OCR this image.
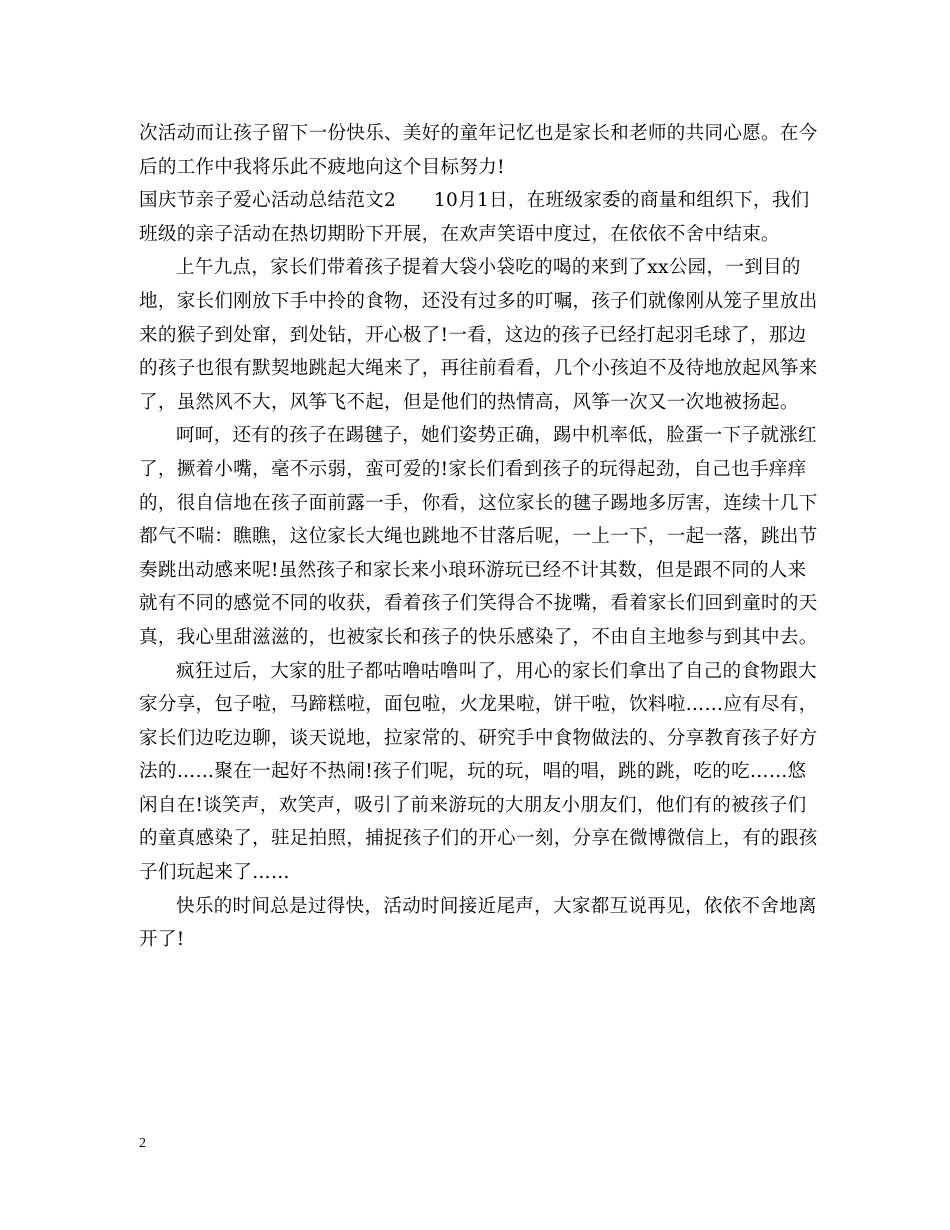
次活动而让孩子留下一份快乐、美好的童年记忆也是家长和老师的共同心愿。在今
后的工作中我将乐此不疲地向这个目标努力!
国庆节亲子爱心活动总结范文2　　10月1日，在班级家委的商量和组织下，我们
班级的亲子活动在热切期盼下开展，在欢声笑语中度过，在依依不舍中结束。
上午九点，家长们带着孩子提着大袋小袋吃的喝的来到了xx公园，一到目的
地，家长们刚放下手中拎的食物，还没有过多的叮嘱，孩子们就像刚从笼子里放出
来的猴子到处窜，到处钻，开心极了!一看，这边的孩子已经打起羽毛球了，那边
的孩子也很有默契地跳起大绳来了，再往前看看，几个小孩迫不及待地放起风筝来
了，虽然风不大，风筝飞不起，但是他们的热情高，风筝一次又一次地被扬起。
呵呵，还有的孩子在踢毽子，她们姿势正确，踢中机率低，脸蛋一下子就涨红
了，撅着小嘴，毫不示弱，蛮可爱的!家长们看到孩子的玩得起劲，自己也手痒痒
的，很自信地在孩子面前露一手，你看，这位家长的毽子踢地多厉害，连续十几下
都气不喘：瞧瞧，这位家长大绳也跳地不甘落后呢，一上一下，一起一落，跳出节
奏跳出动感来呢!虽然孩子和家长来小琅环游玩已经不计其数，但是跟不同的人来
就有不同的感觉不同的收获，看着孩子们笑得合不拢嘴，看着家长们回到童时的天
真，我心里甜滋滋的，也被家长和孩子的快乐感染了，不由自主地参与到其中去。
疯狂过后，大家的肚子都咕噜咕噜叫了，用心的家长们拿出了自己的食物跟大
家分享，包子啦，马蹄糕啦，面包啦，火龙果啦，饼干啦，饮料啦……应有尽有，
家长们边吃边聊，谈天说地，拉家常的、研究手中食物做法的、分享教育孩子好方
法的……聚在一起好不热闹!孩子们呢，玩的玩，唱的唱，跳的跳，吃的吃……悠
闲自在!谈笑声，欢笑声，吸引了前来游玩的大朋友小朋友们，他们有的被孩子们
的童真感染了，驻足拍照，捕捉孩子们的开心一刻，分享在微博微信上，有的跟孩
子们玩起来了……
快乐的时间总是过得快，活动时间接近尾声，大家都互说再见，依依不舍地离
开了!
2
